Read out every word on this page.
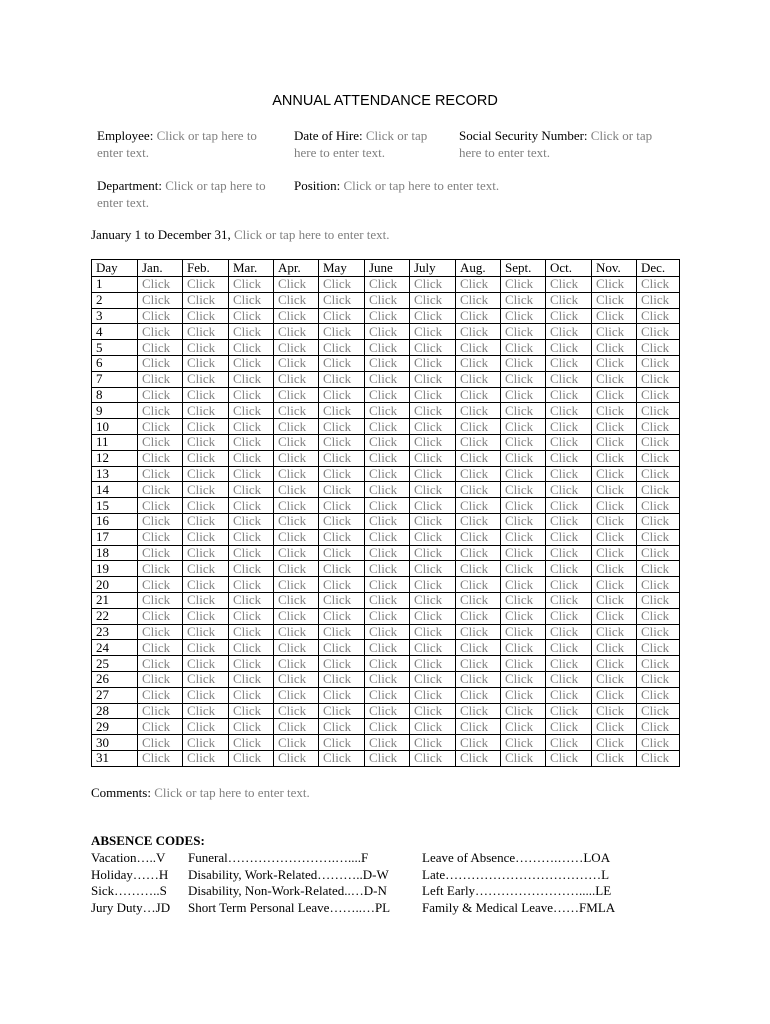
ANNUAL ATTENDANCE RECORD
Employee: Click or tap here to enter text.
Date of Hire: Click or tap here to enter text.
Social Security Number: Click or tap here to enter text.
Department: Click or tap here to enter text.
Position: Click or tap here to enter text.
January 1 to December 31, Click or tap here to enter text.
Day	Jan.	Feb.	Mar.	Apr.	May	June	July	Aug.	Sept.	Oct.	Nov.	Dec.
1	Click	Click	Click	Click	Click	Click	Click	Click	Click	Click	Click	Click
2	Click	Click	Click	Click	Click	Click	Click	Click	Click	Click	Click	Click
3	Click	Click	Click	Click	Click	Click	Click	Click	Click	Click	Click	Click
4	Click	Click	Click	Click	Click	Click	Click	Click	Click	Click	Click	Click
5	Click	Click	Click	Click	Click	Click	Click	Click	Click	Click	Click	Click
6	Click	Click	Click	Click	Click	Click	Click	Click	Click	Click	Click	Click
7	Click	Click	Click	Click	Click	Click	Click	Click	Click	Click	Click	Click
8	Click	Click	Click	Click	Click	Click	Click	Click	Click	Click	Click	Click
9	Click	Click	Click	Click	Click	Click	Click	Click	Click	Click	Click	Click
10	Click	Click	Click	Click	Click	Click	Click	Click	Click	Click	Click	Click
11	Click	Click	Click	Click	Click	Click	Click	Click	Click	Click	Click	Click
12	Click	Click	Click	Click	Click	Click	Click	Click	Click	Click	Click	Click
13	Click	Click	Click	Click	Click	Click	Click	Click	Click	Click	Click	Click
14	Click	Click	Click	Click	Click	Click	Click	Click	Click	Click	Click	Click
15	Click	Click	Click	Click	Click	Click	Click	Click	Click	Click	Click	Click
16	Click	Click	Click	Click	Click	Click	Click	Click	Click	Click	Click	Click
17	Click	Click	Click	Click	Click	Click	Click	Click	Click	Click	Click	Click
18	Click	Click	Click	Click	Click	Click	Click	Click	Click	Click	Click	Click
19	Click	Click	Click	Click	Click	Click	Click	Click	Click	Click	Click	Click
20	Click	Click	Click	Click	Click	Click	Click	Click	Click	Click	Click	Click
21	Click	Click	Click	Click	Click	Click	Click	Click	Click	Click	Click	Click
22	Click	Click	Click	Click	Click	Click	Click	Click	Click	Click	Click	Click
23	Click	Click	Click	Click	Click	Click	Click	Click	Click	Click	Click	Click
24	Click	Click	Click	Click	Click	Click	Click	Click	Click	Click	Click	Click
25	Click	Click	Click	Click	Click	Click	Click	Click	Click	Click	Click	Click
26	Click	Click	Click	Click	Click	Click	Click	Click	Click	Click	Click	Click
27	Click	Click	Click	Click	Click	Click	Click	Click	Click	Click	Click	Click
28	Click	Click	Click	Click	Click	Click	Click	Click	Click	Click	Click	Click
29	Click	Click	Click	Click	Click	Click	Click	Click	Click	Click	Click	Click
30	Click	Click	Click	Click	Click	Click	Click	Click	Click	Click	Click	Click
31	Click	Click	Click	Click	Click	Click	Click	Click	Click	Click	Click	Click
Comments: Click or tap here to enter text.
ABSENCE CODES:
Vacation…..V
Holiday……H
Sick………..S
Jury Duty…JD
Funeral…………………….…....F
Disability, Work-Related………..D-W
Disability, Non-Work-Related..…D-N
Short Term Personal Leave……..…PL
Leave of Absence……….……LOA
Late………………………………L
Left Early…………………….....LE
Family & Medical Leave……FMLA
